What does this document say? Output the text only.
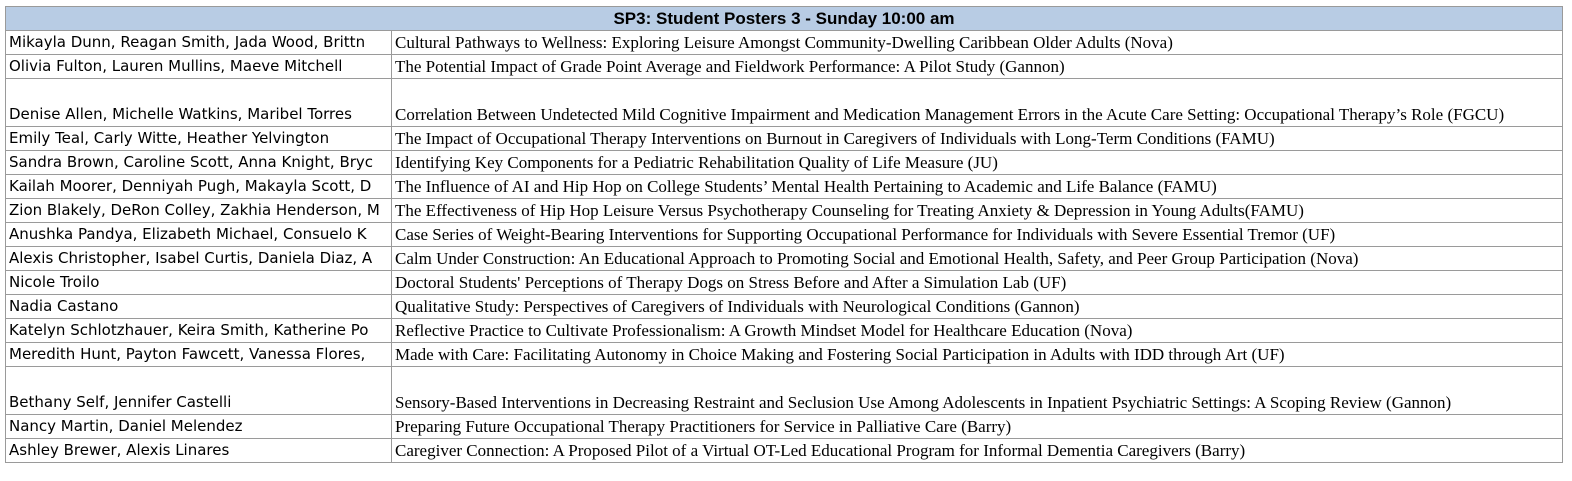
SP3: Student Posters 3 - Sunday 10:00 am	
Mikayla Dunn, Reagan Smith, Jada Wood, Brittn	Cultural Pathways to Wellness: Exploring Leisure Amongst Community-Dwelling Caribbean Older Adults (Nova)
Olivia Fulton, Lauren Mullins, Maeve Mitchell	The Potential Impact of Grade Point Average and Fieldwork Performance: A Pilot Study (Gannon)
Denise Allen, Michelle Watkins, Maribel Torres	Correlation Between Undetected Mild Cognitive Impairment and Medication Management Errors in the Acute Care Setting: Occupational Therapy’s Role (FGCU)
Emily Teal, Carly Witte, Heather Yelvington	The Impact of Occupational Therapy Interventions on Burnout in Caregivers of Individuals with Long-Term Conditions (FAMU)
Sandra Brown, Caroline Scott, Anna Knight, Bryc	Identifying Key Components for a Pediatric Rehabilitation Quality of Life Measure (JU)
Kailah Moorer, Denniyah Pugh, Makayla Scott, D	The Influence of AI and Hip Hop on College Students’ Mental Health Pertaining to Academic and Life Balance (FAMU)
Zion Blakely, DeRon Colley, Zakhia Henderson, M	The Effectiveness of Hip Hop Leisure Versus Psychotherapy Counseling for Treating Anxiety & Depression in Young Adults(FAMU)
Anushka Pandya, Elizabeth Michael, Consuelo K	Case Series of Weight-Bearing Interventions for Supporting Occupational Performance for Individuals with Severe Essential Tremor (UF)
Alexis Christopher, Isabel Curtis, Daniela Diaz, A	Calm Under Construction: An Educational Approach to Promoting Social and Emotional Health, Safety, and Peer Group Participation (Nova)
Nicole Troilo	Doctoral Students' Perceptions of Therapy Dogs on Stress Before and After a Simulation Lab (UF)
Nadia Castano	Qualitative Study: Perspectives of Caregivers of Individuals with Neurological Conditions (Gannon)
Katelyn Schlotzhauer, Keira Smith, Katherine Po	Reflective Practice to Cultivate Professionalism: A Growth Mindset Model for Healthcare Education (Nova)
Meredith Hunt, Payton Fawcett, Vanessa Flores,	Made with Care: Facilitating Autonomy in Choice Making and Fostering Social Participation in Adults with IDD through Art (UF)
Bethany Self, Jennifer Castelli	Sensory-Based Interventions in Decreasing Restraint and Seclusion Use Among Adolescents in Inpatient Psychiatric Settings: A Scoping Review (Gannon)
Nancy Martin, Daniel Melendez	Preparing Future Occupational Therapy Practitioners for Service in Palliative Care (Barry)
Ashley Brewer, Alexis Linares	Caregiver Connection: A Proposed Pilot of a Virtual OT-Led Educational Program for Informal Dementia Caregivers (Barry)
